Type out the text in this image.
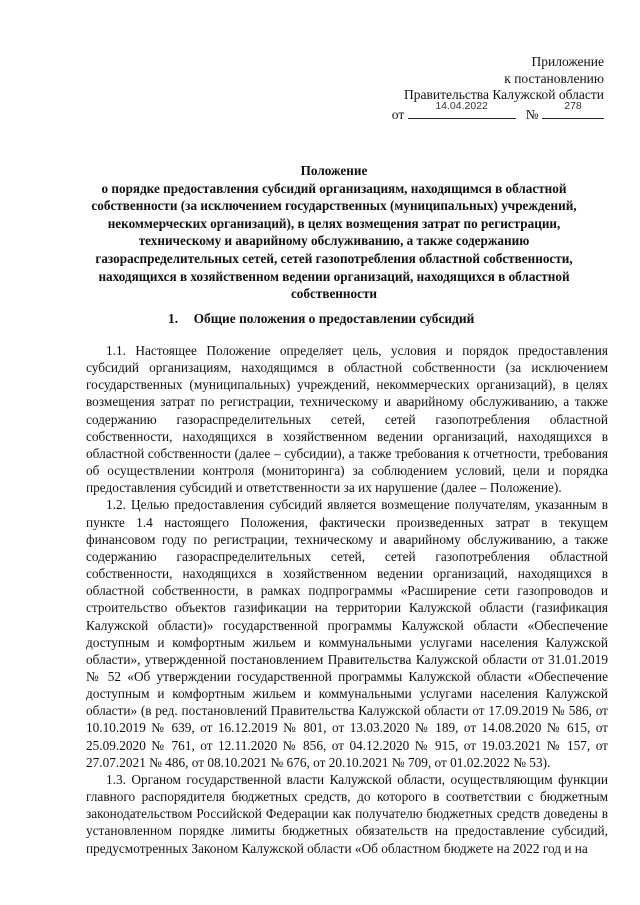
Приложение
к постановлению
Правительства Калужской области
от
14.04.2022
№
278
Положение
о порядке предоставления субсидий организациям, находящимся в областной
собственности (за исключением государственных (муниципальных) учреждений,
некоммерческих организаций), в целях возмещения затрат по регистрации,
техническому и аварийному обслуживанию, а также содержанию
газораспределительных сетей, сетей газопотребления областной собственности,
находящихся в хозяйственном ведении организаций, находящихся в областной
собственности
1. Общие положения о предоставлении субсидий

1.1. Настоящее Положение определяет цель, условия и порядок предоставления субсидий организациям, находящимся в областной собственности (за исключением государственных (муниципальных) учреждений, некоммерческих организаций), в целях возмещения затрат по регистрации, техническому и аварийному обслуживанию, а также содержанию газораспределительных сетей, сетей газопотребления областной собственности, находящихся в хозяйственном ведении организаций, находящихся в областной собственности (далее – субсидии), а также требования к отчетности, требования об осуществлении контроля (мониторинга) за соблюдением условий, цели и порядка предоставления субсидий и ответственности за их нарушение (далее – Положение).

1.2. Целью предоставления субсидий является возмещение получателям, указанным в пункте 1.4 настоящего Положения, фактически произведенных затрат в текущем финансовом году по регистрации, техническому и аварийному обслуживанию, а также содержанию газораспределительных сетей, сетей газопотребления областной собственности, находящихся в хозяйственном ведении организаций, находящихся в областной собственности, в рамках подпрограммы «Расширение сети газопроводов и строительство объектов газификации на территории Калужской области (газификация Калужской области)» государственной программы Калужской области «Обеспечение доступным и комфортным жильем и коммунальными услугами населения Калужской области», утвержденной постановлением Правительства Калужской области от 31.01.2019 № 52 «Об утверждении государственной программы Калужской области «Обеспечение доступным и комфортным жильем и коммунальными услугами населения Калужской области» (в ред. постановлений Правительства Калужской области от 17.09.2019 № 586, от 10.10.2019 № 639, от 16.12.2019 № 801, от 13.03.2020 № 189, от 14.08.2020 № 615, от 25.09.2020 № 761, от 12.11.2020 № 856, от 04.12.2020 № 915, от 19.03.2021 № 157, от 27.07.2021 № 486, от 08.10.2021 № 676, от 20.10.2021 № 709, от 01.02.2022 № 53).

1.3. Органом государственной власти Калужской области, осуществляющим функции главного распорядителя бюджетных средств, до которого в соответствии с бюджетным законодательством Российской Федерации как получателю бюджетных средств доведены в установленном порядке лимиты бюджетных обязательств на предоставление субсидий, предусмотренных Законом Калужской области «Об областном бюджете на 2022 год и на
